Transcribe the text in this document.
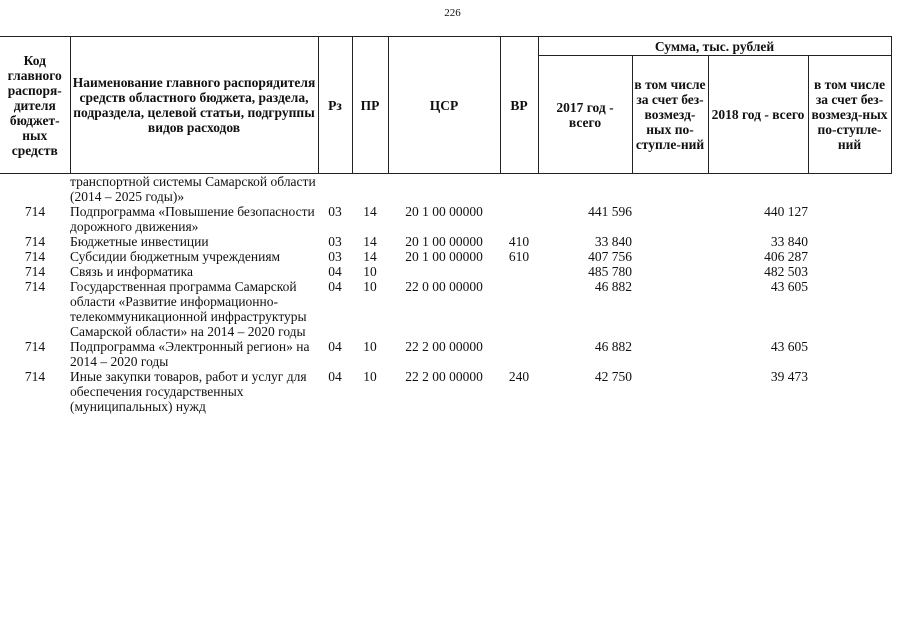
226
Код главного распоря-дителя бюджет-ных средств	Наименование главного распорядителя средств областного бюджета, раздела, подраздела, целевой статьи, подгруппы видов расходов	Рз	ПР	ЦСР	ВР	Сумма, тыс. рублей			
						2017 год - всего	в том числе за счет без-возмезд-ных по-ступле-ний	2018 год - всего	в том числе за счет без-возмезд-ных по-ступле-ний
	транспортной системы Самарской области (2014 – 2025 годы)»								
714	Подпрограмма «Повышение безопасности дорожного движения»	03	14	20 1 00 00000		441 596		440 127	
714	Бюджетные инвестиции	03	14	20 1 00 00000	410	33 840		33 840	
714	Субсидии бюджетным учреждениям	03	14	20 1 00 00000	610	407 756		406 287	
714	Связь и информатика	04	10			485 780		482 503	
714	Государственная программа Самарской области «Развитие информационно-телекоммуникационной инфраструктуры Самарской области» на 2014 – 2020 годы	04	10	22 0 00 00000		46 882		43 605	
714	Подпрограмма «Электронный регион» на 2014 – 2020 годы	04	10	22 2 00 00000		46 882		43 605	
714	Иные закупки товаров, работ и услуг для обеспечения государственных (муниципальных) нужд	04	10	22 2 00 00000	240	42 750		39 473	
